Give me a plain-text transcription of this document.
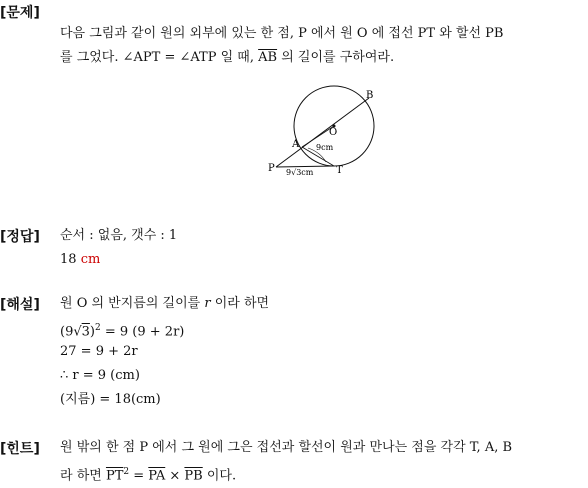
[문제]
다음 그림과 같이 원의 외부에 있는 한 점, P 에서 원 O 에 접선 PT 와 할선 PB
를 그었다. ∠APT = ∠ATP 일 때, $\overline{AB}$ 의 길이를 구하여라.
B
O
A
P	T
9cm
9√3cm
[정답] 순서 : 없음, 갯수 : 1
18 cm
[해설] 원 O 의 반지름의 길이를 r 이라 하면
$(9√3)^2 = 9$ (9 + 2r)
27 = 9 + 2r
∴ r = 9 (cm)
(지름) = 18(cm)
[힌트] 원 밖의 한 점 P 에서 그 원에 그은 접선과 할선이 원과 만나는 점을 각각 T, A, B
라 하면 $\overline{PT}^2 = \overline{PA} \times \overline{PB}$ 이다.
